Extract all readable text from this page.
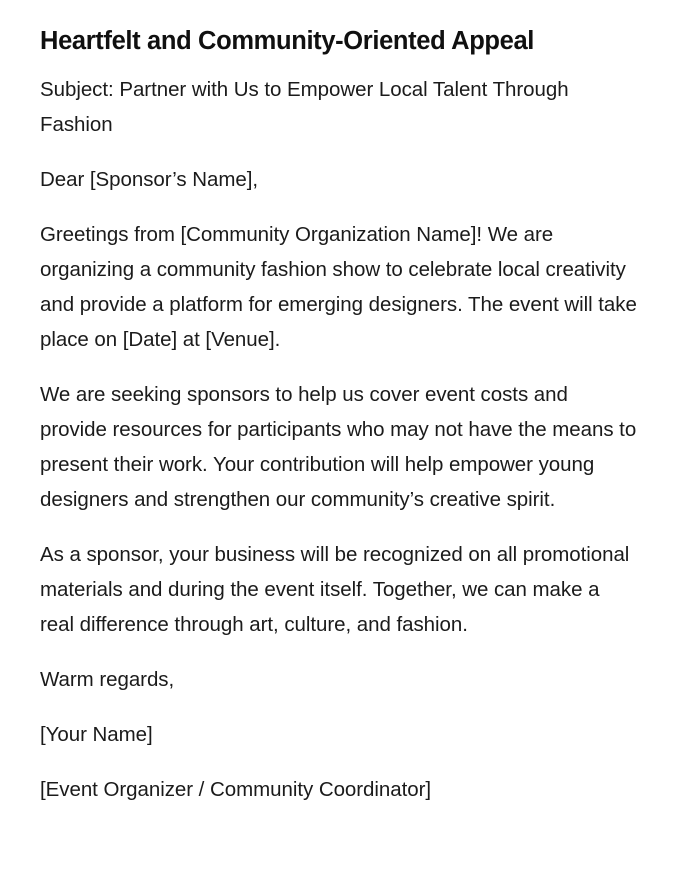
Heartfelt and Community-Oriented Appeal

Subject: Partner with Us to Empower Local Talent Through Fashion

Dear [Sponsor’s Name],

Greetings from [Community Organization Name]! We are organizing a community fashion show to celebrate local creativity and provide a platform for emerging designers. The event will take place on [Date] at [Venue].

We are seeking sponsors to help us cover event costs and provide resources for participants who may not have the means to present their work. Your contribution will help empower young designers and strengthen our community’s creative spirit.

As a sponsor, your business will be recognized on all promotional materials and during the event itself. Together, we can make a real difference through art, culture, and fashion.

Warm regards,

[Your Name]

[Event Organizer / Community Coordinator]
